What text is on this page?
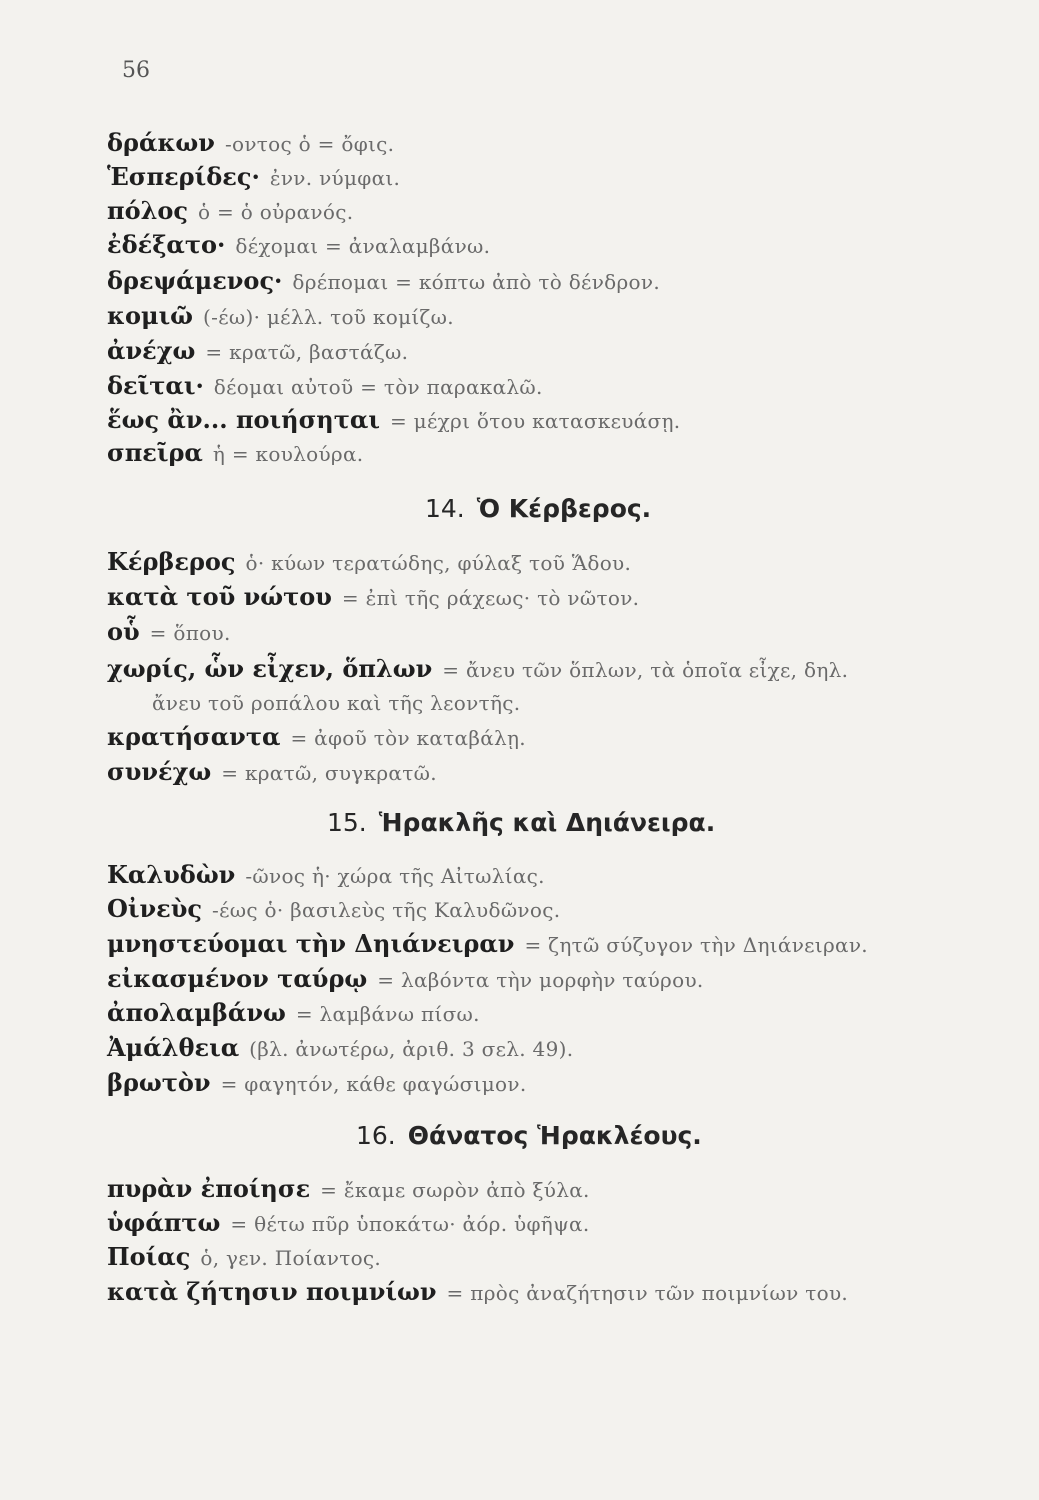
56
δράκων -οντος ὁ = ὄφις.
Ἑσπερίδες· ἐνν. νύμφαι.
πόλος ὁ = ὁ οὐρανός.
ἐδέξατο· δέχομαι = ἀναλαμβάνω.
δρεψάμενος· δρέπομαι = κόπτω ἀπὸ τὸ δένδρον.
κομιῶ (-έω)· μέλλ. τοῦ κομίζω.
ἀνέχω = κρατῶ, βαστάζω.
δεῖται· δέομαι αὐτοῦ = τὸν παρακαλῶ.
ἕως ἂν... ποιήσηται = μέχρι ὅτου κατασκευάσῃ.
σπεῖρα ἡ = κουλούρα.
14. Ὁ Κέρβερος.
Κέρβερος ὁ· κύων τερατώδης, φύλαξ τοῦ Ἅδου.
κατὰ τοῦ νώτου = ἐπὶ τῆς ράχεως· τὸ νῶτον.
οὗ = ὅπου.
χωρίς, ὧν εἶχεν, ὅπλων = ἄνευ τῶν ὅπλων, τὰ ὁποῖα εἶχε, δηλ.
ἄνευ τοῦ ροπάλου καὶ τῆς λεοντῆς.
κρατήσαντα = ἀφοῦ τὸν καταβάλῃ.
συνέχω = κρατῶ, συγκρατῶ.
15. Ἡρακλῆς καὶ Δηιάνειρα.
Καλυδὼν -ῶνος ἡ· χώρα τῆς Αἰτωλίας.
Οἰνεὺς -έως ὁ· βασιλεὺς τῆς Καλυδῶνος.
μνηστεύομαι τὴν Δηιάνειραν = ζητῶ σύζυγον τὴν Δηιάνειραν.
εἰκασμένον ταύρῳ = λαβόντα τὴν μορφὴν ταύρου.
ἀπολαμβάνω = λαμβάνω πίσω.
Ἀμάλθεια (βλ. ἀνωτέρω, ἀριθ. 3 σελ. 49).
βρωτὸν = φαγητόν, κάθε φαγώσιμον.
16. Θάνατος Ἡρακλέους.
πυρὰν ἐποίησε = ἔκαμε σωρὸν ἀπὸ ξύλα.
ὑφάπτω = θέτω πῦρ ὑποκάτω· ἀόρ. ὑφῆψα.
Ποίας ὁ, γεν. Ποίαντος.
κατὰ ζήτησιν ποιμνίων = πρὸς ἀναζήτησιν τῶν ποιμνίων του.
